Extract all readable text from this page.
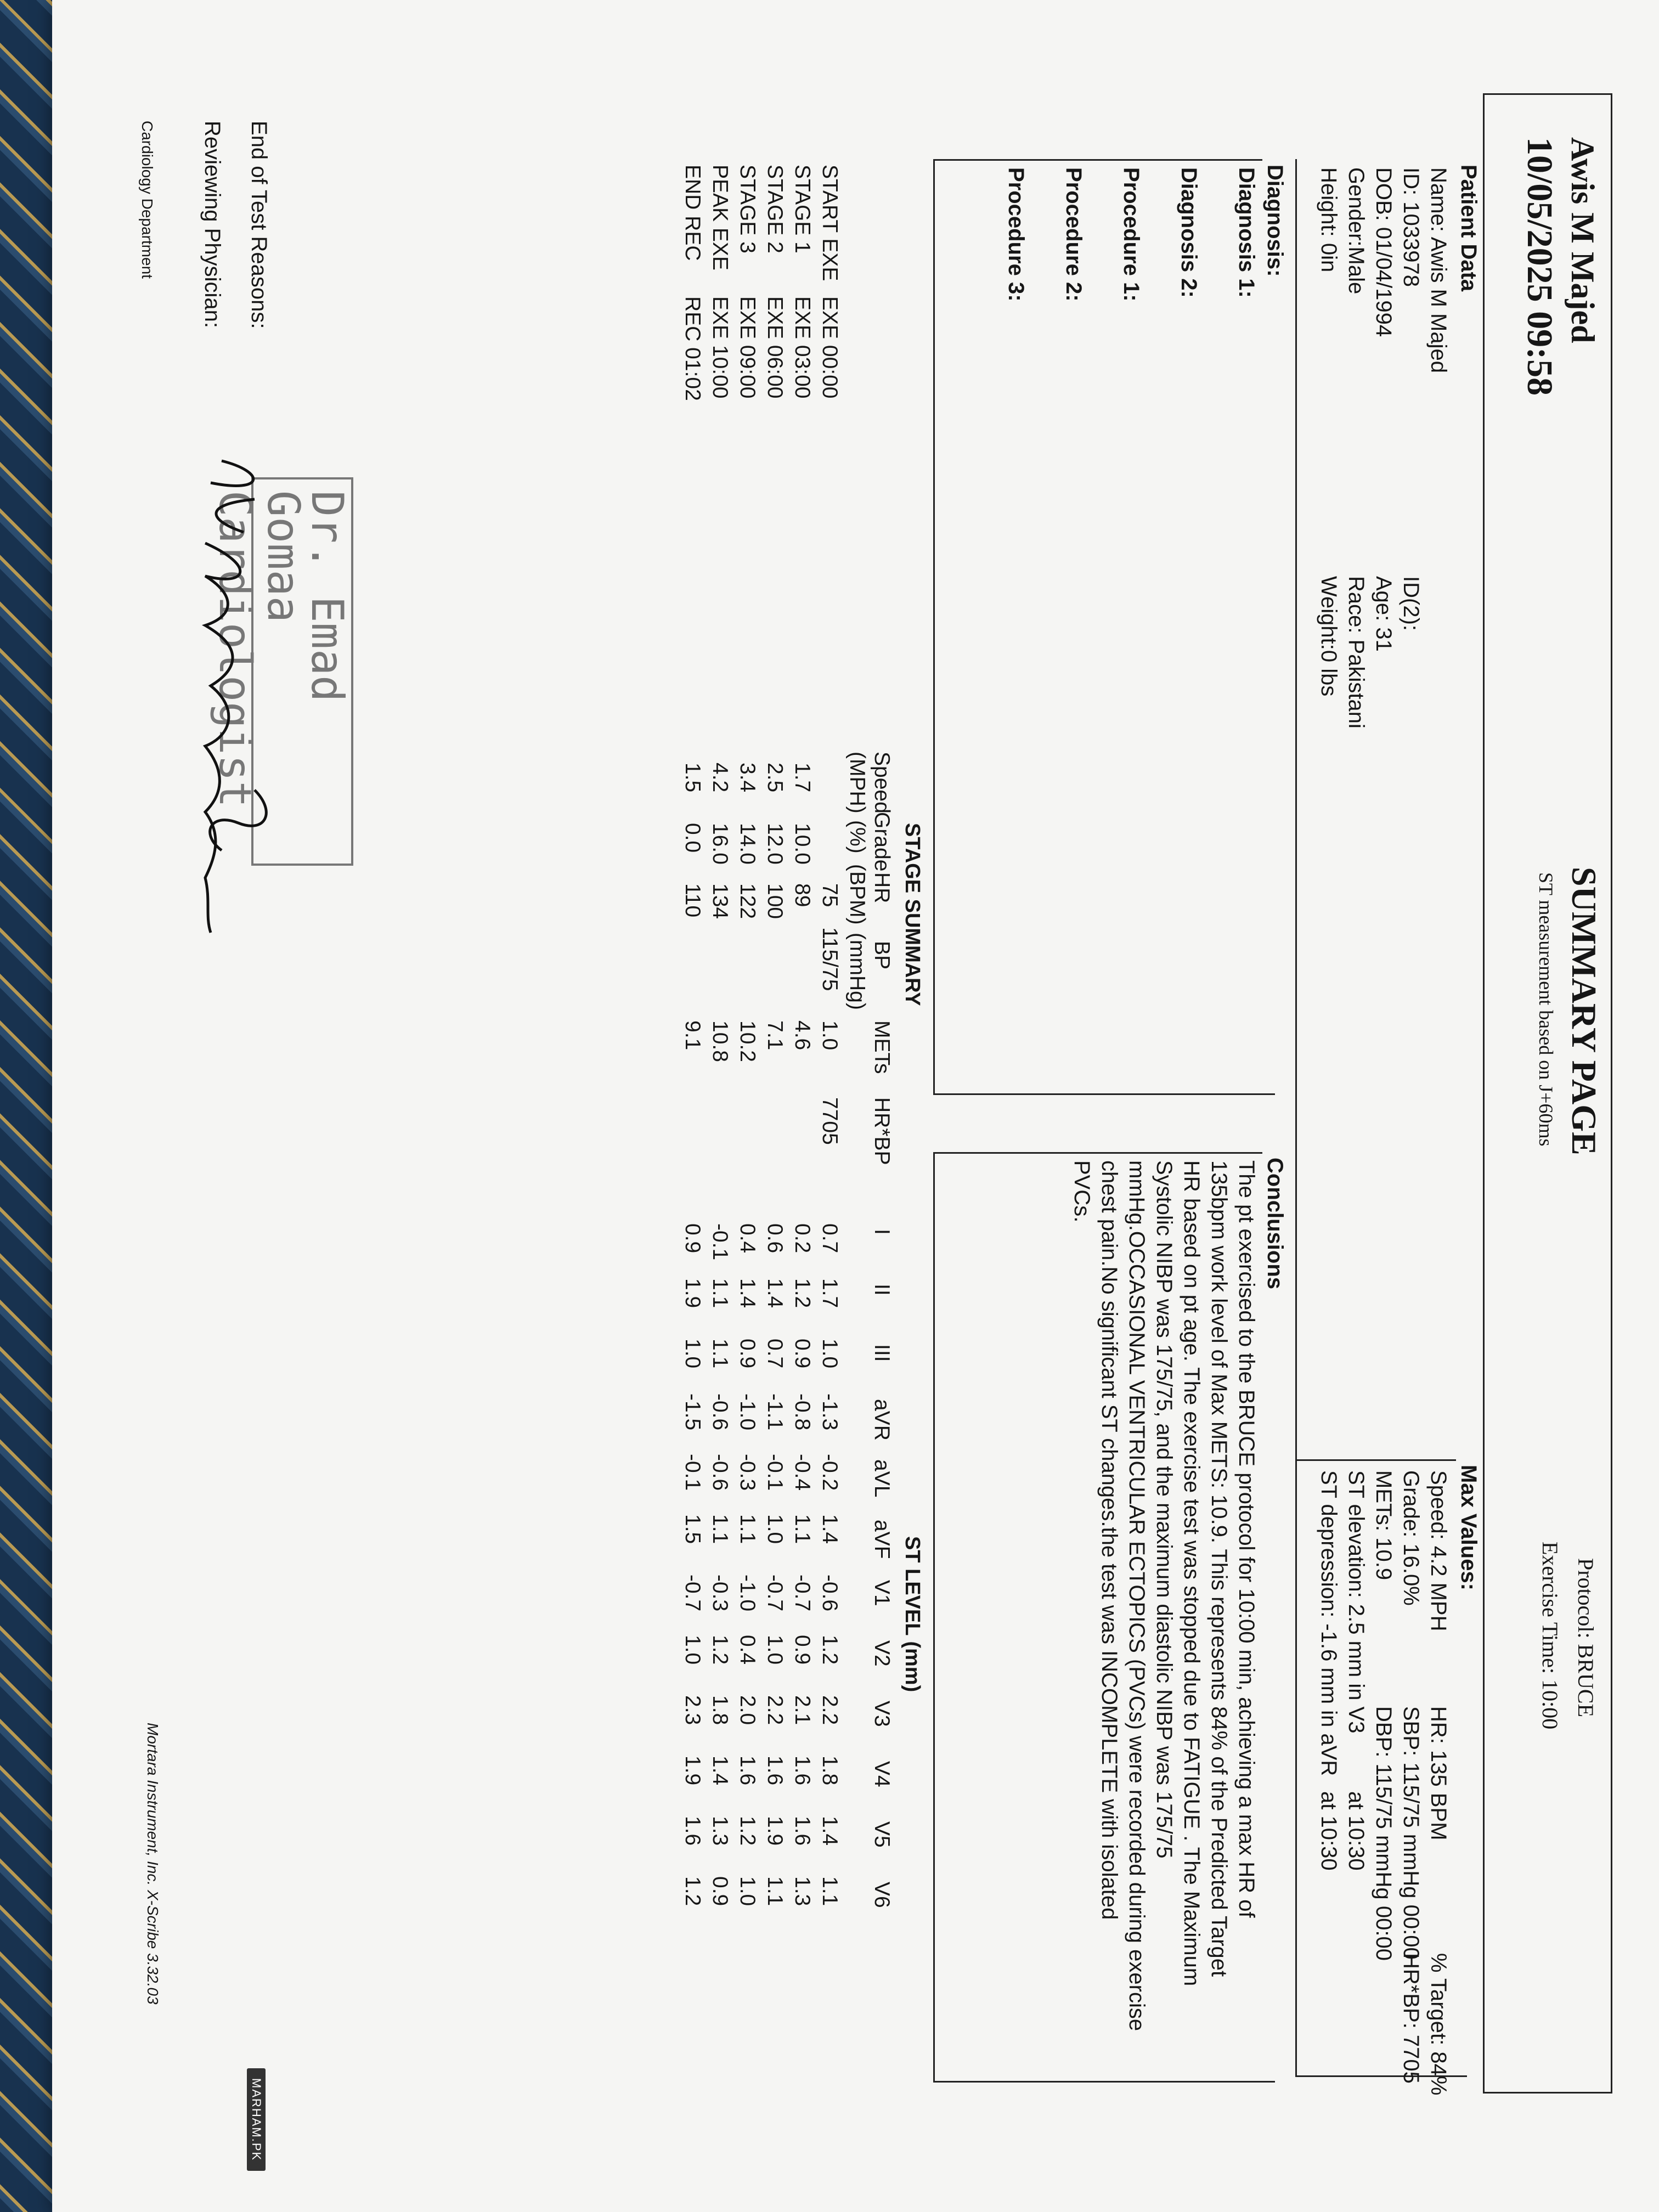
Awis M Majed
10/05/2025 09:58
SUMMARY PAGE
ST measurement based on J+60ms
Protocol: BRUCE
Exercise Time: 10:00
Patient Data
Name: Awis M Majed
ID: 1033978
DOB: 01/04/1994
Gender:Male
Height: 0in
ID(2):
Age: 31
Race: Pakistani
Weight:0 lbs
Max Values:
Speed: 4.2 MPH
Grade: 16.0%
METs: 10.9
ST elevation: 2.5 mm in V3
ST depression: -1.6 mm in aVR	HR: 135 BPM
SBP: 115/75 mmHg 00:00
DBP: 115/75 mmHg 00:00
at 10:30
at 10:30
% Target: 84%
HR*BP: 7705
Diagnosis:
Diagnosis 1:
Diagnosis 2:
Procedure 1:
Procedure 2:
Procedure 3:
Conclusions
The pt exercised to the BRUCE protocol for 10:00 min, achieving a max HR of
135bpm work level of Max METS: 10.9. This represents 84% of the Predicted Target
HR based on pt age. The exercise test was stopped due to FATIGUE . The Maximum
Systolic NIBP was 175/75, and the maximum diastolic NIBP was 175/75
mmHg.OCCASIONAL VENTRICULAR ECTOPICS (PVCs) were recorded during exercise
chest pain.No significant ST changes.the test was INCOMPLETE with isolated
PVCs.
STAGE SUMMARY
ST LEVEL (mm)
Speed
(MPH)
Grade
(%)
HR
(BPM)
BP
(mmHg)
METs
HR*BP
I
II
III
aVR
aVL
aVF
V1
V2
V3
V4
V5
V6
START EXE
EXE 00:00
75
115/75
1.0
7705
0.7
1.7
1.0
-1.3
-0.2
1.4
-0.6
1.2
2.2
1.8
1.4
1.1
STAGE 1
EXE 03:00
1.7
10.0
89
4.6
0.2
1.2
0.9
-0.8
-0.4
1.1
-0.7
0.9
2.1
1.6
1.6
1.3
STAGE 2
EXE 06:00
2.5
12.0
100
7.1
0.6
1.4
0.7
-1.1
-0.1
1.0
-0.7
1.0
2.2
1.6
1.9
1.1
STAGE 3
EXE 09:00
3.4
14.0
122
10.2
0.4
1.4
0.9
-1.0
-0.3
1.1
-1.0
0.4
2.0
1.6
1.2
1.0
PEAK EXE
EXE 10:00
4.2
16.0
134
10.8
-0.1
1.1
1.1
-0.6
-0.6
1.1
-0.3
1.2
1.8
1.4
1.3
0.9
END REC
REC 01:02
1.5
0.0
110
9.1
0.9
1.9
1.0
-1.5
-0.1
1.5
-0.7
1.0
2.3
1.9
1.6
1.2
End of Test Reasons:
Reviewing Physician:
Cardiology Department
Mortara Instrument, Inc. X-Scribe 3.32.03
Dr. Emad Gomaa
Cardiologist
MARHAM.PK
